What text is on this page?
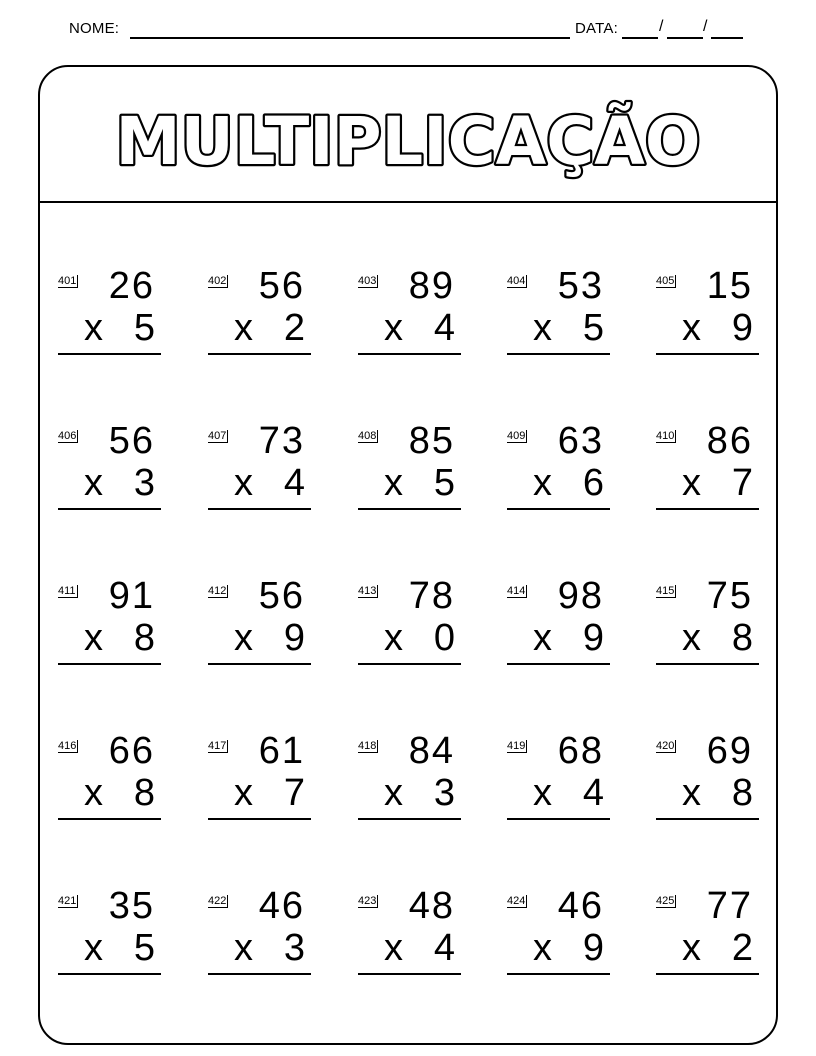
NOME:	DATA:	/ /
MULTIPLICAÇÃO
401 26
x 5
402 56
x 2
403 89
x 4
404 53
x 5
405 15
x 9
406 56
x 3
407 73
x 4
408 85
x 5
409 63
x 6
410 86
x 7
411 91
x 8
412 56
x 9
413 78
x 0
414 98
x 9
415 75
x 8
416 66
x 8
417 61
x 7
418 84
x 3
419 68
x 4
420 69
x 8
421 35
x 5
422 46
x 3
423 48
x 4
424 46
x 9
425 77
x 2
